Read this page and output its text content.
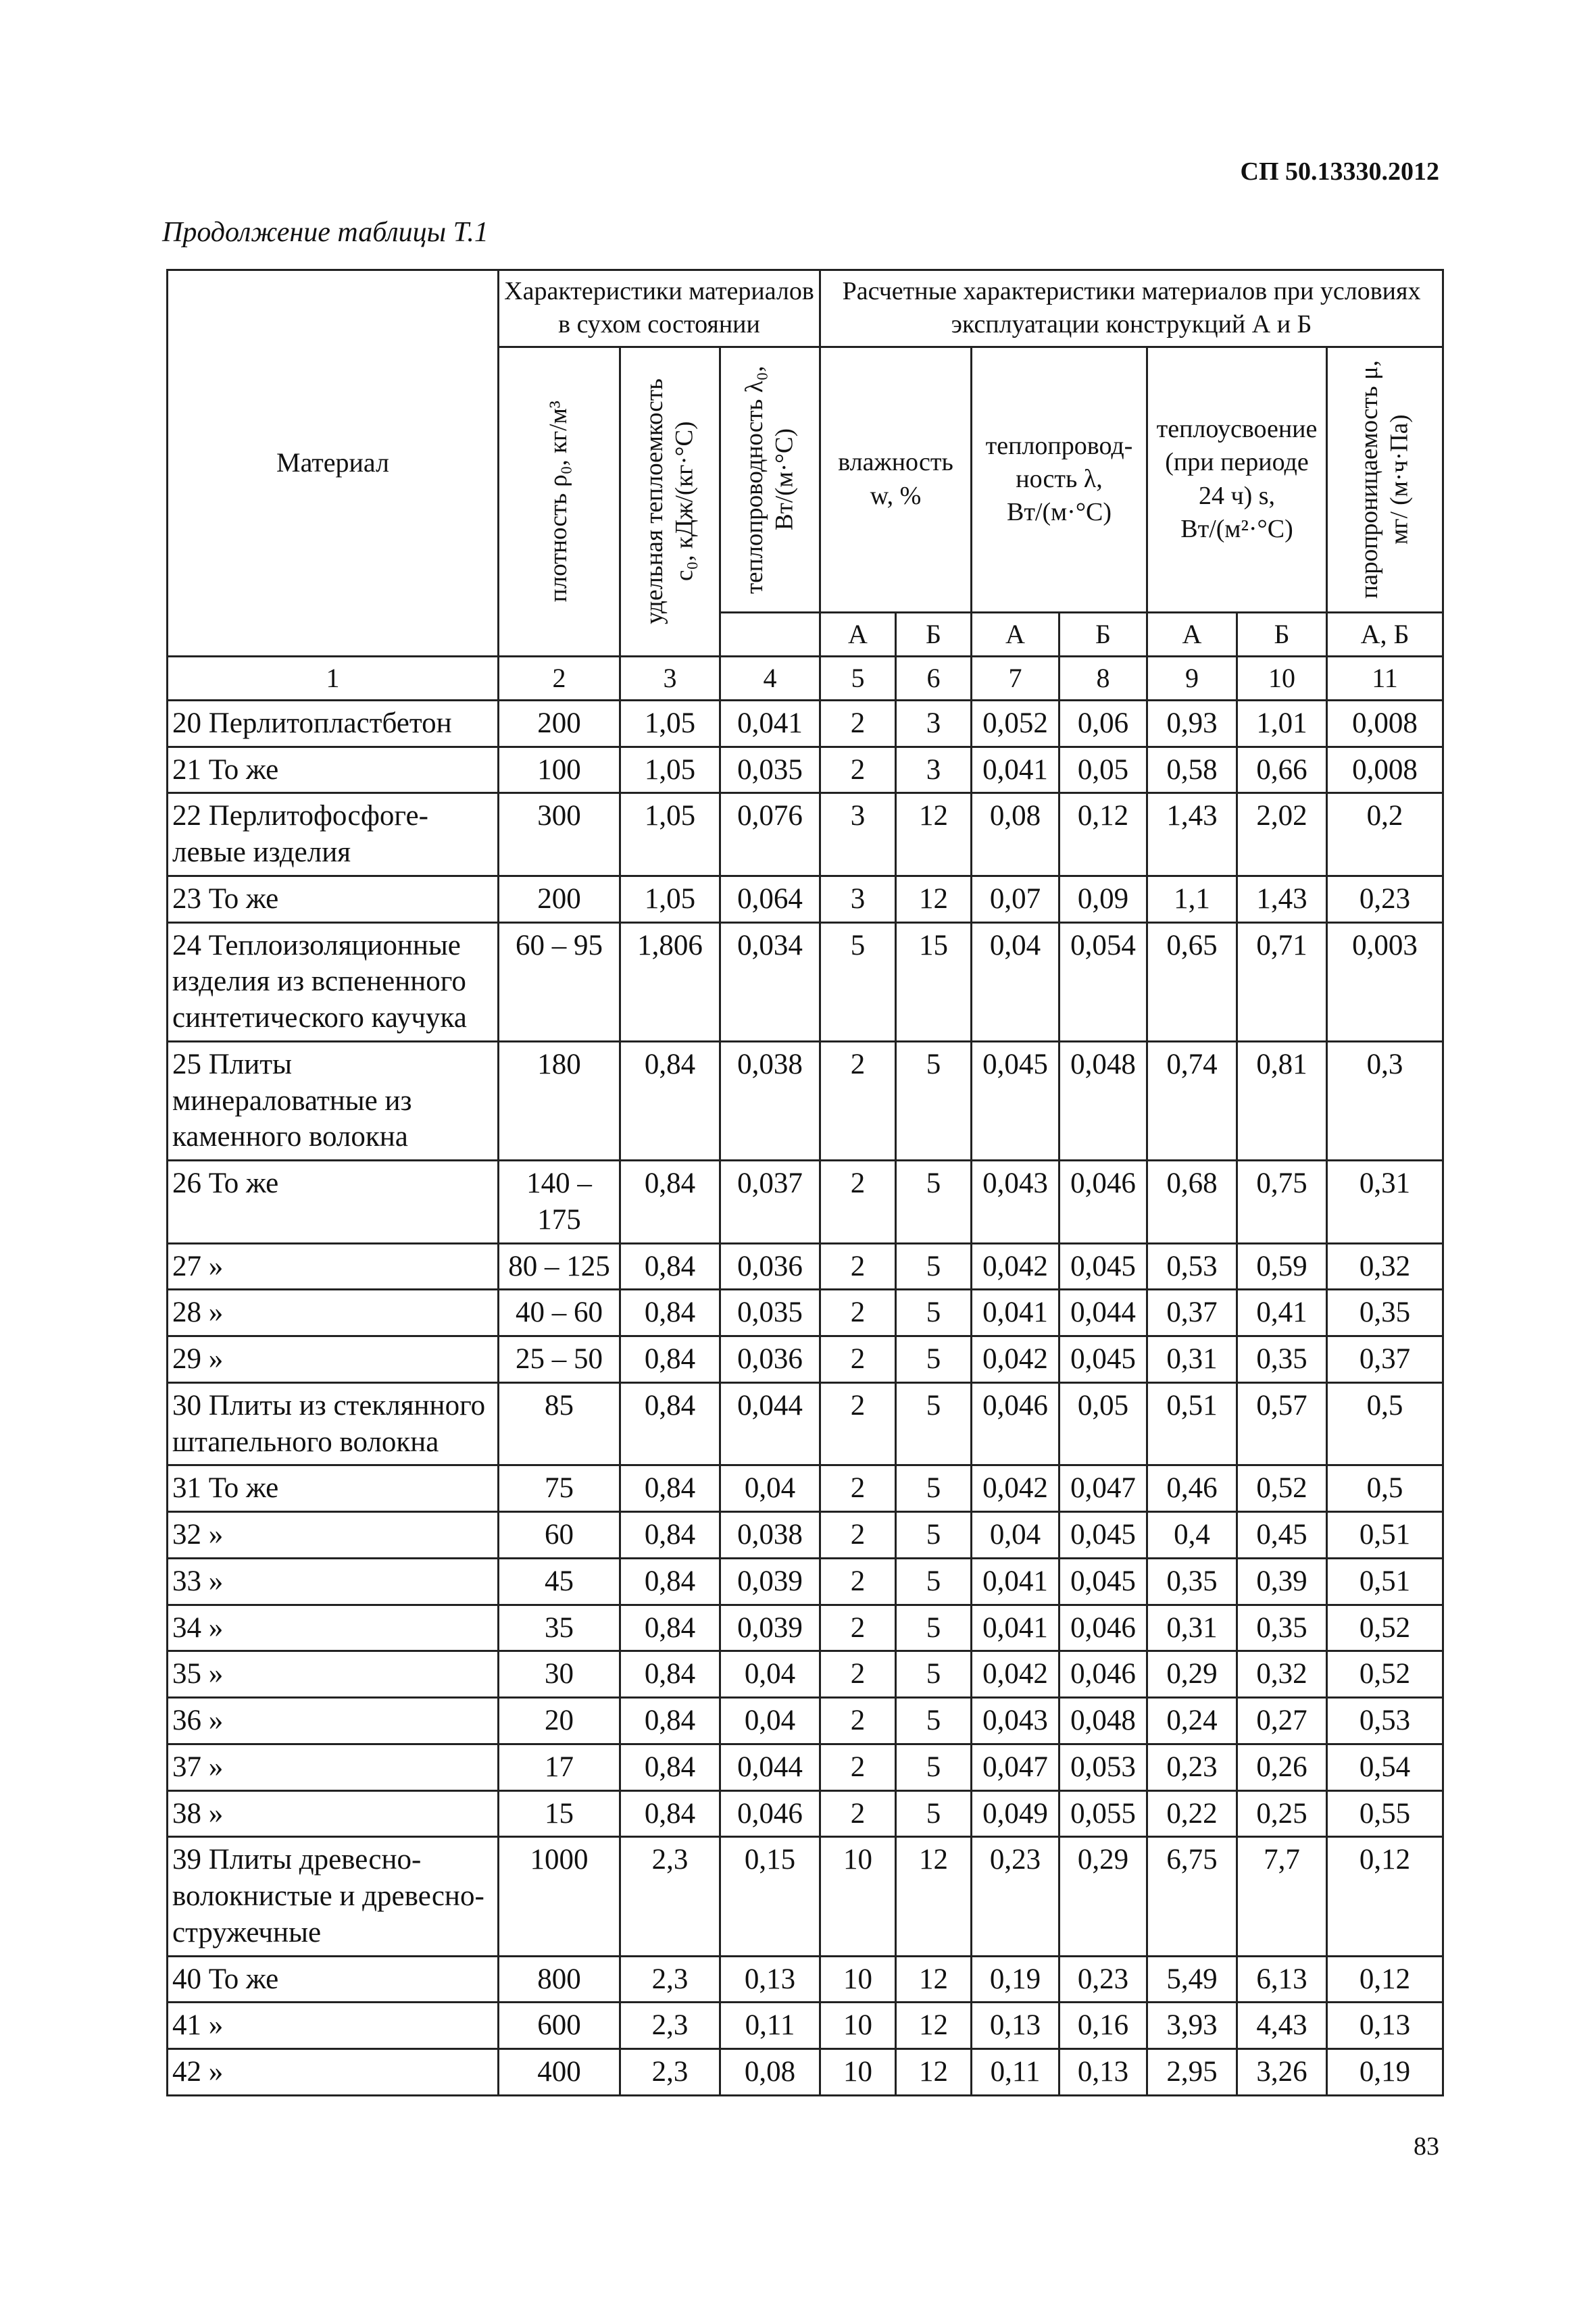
СП 50.13330.2012
Продолжение таблицы Т.1
Материал	Характеристики материалов в сухом состоянии			Расчетные характеристики материалов при условиях эксплуатации конструкций А и Б						

	плотность ρ₀, кг/м³	удельная теплоемкость c₀, кДж/(кг·°С)	теплопроводность λ₀, Вт/(м·°С)	влажность w, %		теплопровод-ность λ, Вт/(м·°С)		теплоусвоение (при периоде 24 ч) s, Вт/(м²·°С)		паропроницаемость μ, мг/ (м·ч·Па)

				А	Б	А	Б	А	Б	А, Б
1	2	3	4	5	6	7	8	9	10	11
20 Перлитопластбетон	200	1,05	0,041	2	3	0,052	0,06	0,93	1,01	0,008
21 То же	100	1,05	0,035	2	3	0,041	0,05	0,58	0,66	0,008
22 Перлитофосфоге-левые изделия	300	1,05	0,076	3	12	0,08	0,12	1,43	2,02	0,2
23 То же	200	1,05	0,064	3	12	0,07	0,09	1,1	1,43	0,23
24 Теплоизоляционные изделия из вспененного синтетического каучука	60 – 95	1,806	0,034	5	15	0,04	0,054	0,65	0,71	0,003
25 Плиты минераловатные из каменного волокна	180	0,84	0,038	2	5	0,045	0,048	0,74	0,81	0,3
26 То же	140 – 175	0,84	0,037	2	5	0,043	0,046	0,68	0,75	0,31
27 »	80 – 125	0,84	0,036	2	5	0,042	0,045	0,53	0,59	0,32
28 »	40 – 60	0,84	0,035	2	5	0,041	0,044	0,37	0,41	0,35
29 »	25 – 50	0,84	0,036	2	5	0,042	0,045	0,31	0,35	0,37
30 Плиты из стеклянного штапельного волокна	85	0,84	0,044	2	5	0,046	0,05	0,51	0,57	0,5
31 То же	75	0,84	0,04	2	5	0,042	0,047	0,46	0,52	0,5
32 »	60	0,84	0,038	2	5	0,04	0,045	0,4	0,45	0,51
33 »	45	0,84	0,039	2	5	0,041	0,045	0,35	0,39	0,51
34 »	35	0,84	0,039	2	5	0,041	0,046	0,31	0,35	0,52
35 »	30	0,84	0,04	2	5	0,042	0,046	0,29	0,32	0,52
36 »	20	0,84	0,04	2	5	0,043	0,048	0,24	0,27	0,53
37 »	17	0,84	0,044	2	5	0,047	0,053	0,23	0,26	0,54
38 »	15	0,84	0,046	2	5	0,049	0,055	0,22	0,25	0,55
39 Плиты древесно-волокнистые и древесно-стружечные	1000	2,3	0,15	10	12	0,23	0,29	6,75	7,7	0,12
40 То же	800	2,3	0,13	10	12	0,19	0,23	5,49	6,13	0,12
41 »	600	2,3	0,11	10	12	0,13	0,16	3,93	4,43	0,13
42 »	400	2,3	0,08	10	12	0,11	0,13	2,95	3,26	0,19
83
